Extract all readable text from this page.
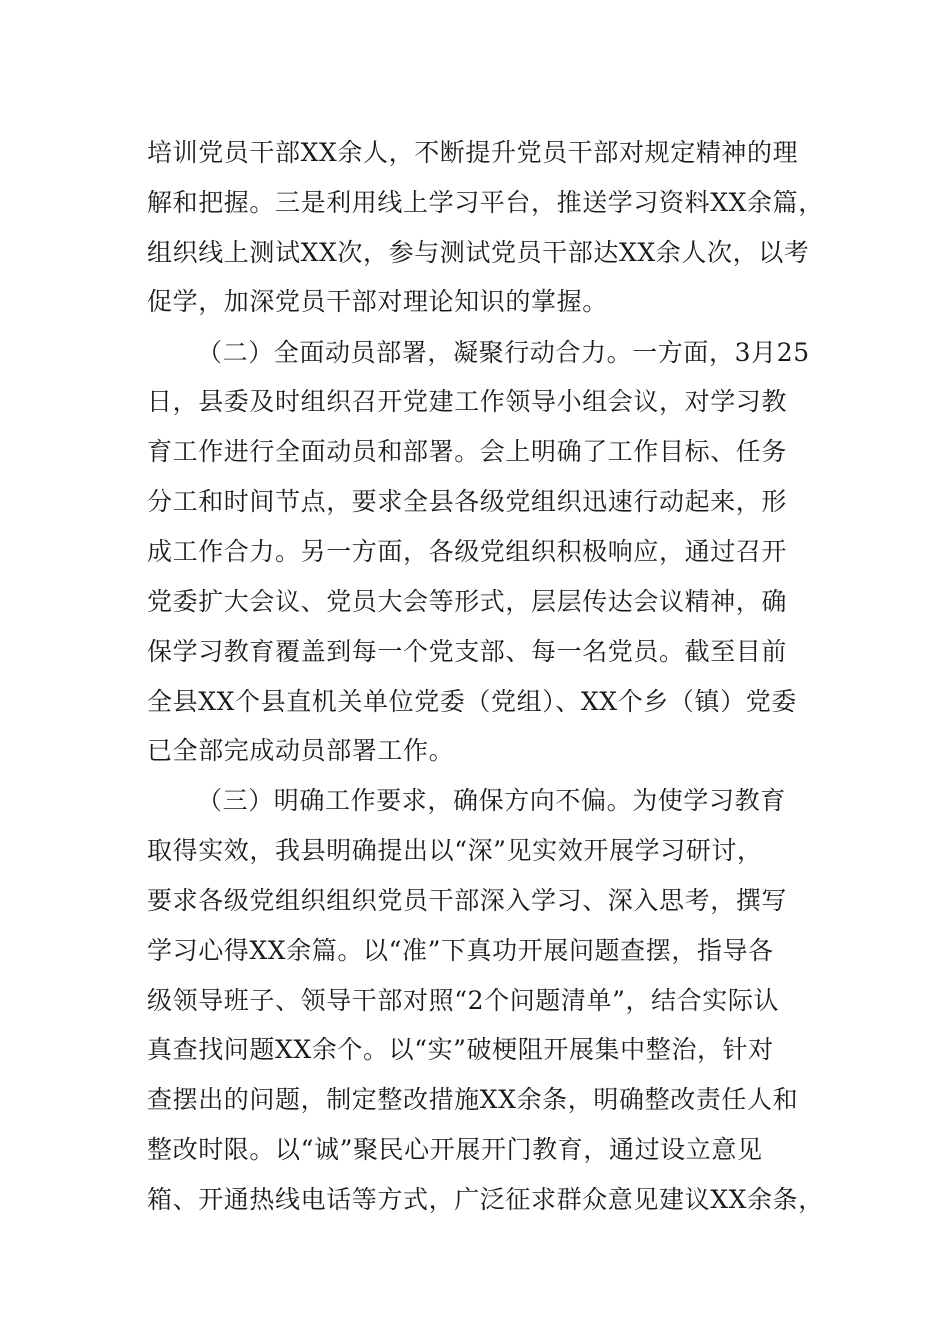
培训党员干部XX余人，不断提升党员干部对规定精神的理
解和把握。三是利用线上学习平台，推送学习资料XX余篇，
组织线上测试XX次，参与测试党员干部达XX余人次，以考
促学，加深党员干部对理论知识的掌握。
（二）全面动员部署，凝聚行动合力。一方面，3月25
日，县委及时组织召开党建工作领导小组会议，对学习教
育工作进行全面动员和部署。会上明确了工作目标、任务
分工和时间节点，要求全县各级党组织迅速行动起来，形
成工作合力。另一方面，各级党组织积极响应，通过召开
党委扩大会议、党员大会等形式，层层传达会议精神，确
保学习教育覆盖到每一个党支部、每一名党员。截至目前
全县XX个县直机关单位党委（党组）、XX个乡（镇）党委
已全部完成动员部署工作。
（三）明确工作要求，确保方向不偏。为使学习教育
取得实效，我县明确提出以“深”见实效开展学习研讨，
要求各级党组织组织党员干部深入学习、深入思考，撰写
学习心得XX余篇。以“准”下真功开展问题查摆，指导各
级领导班子、领导干部对照“2个问题清单”，结合实际认
真查找问题XX余个。以“实”破梗阻开展集中整治，针对
查摆出的问题，制定整改措施XX余条，明确整改责任人和
整改时限。以“诚”聚民心开展开门教育，通过设立意见
箱、开通热线电话等方式，广泛征求群众意见建议XX余条，
